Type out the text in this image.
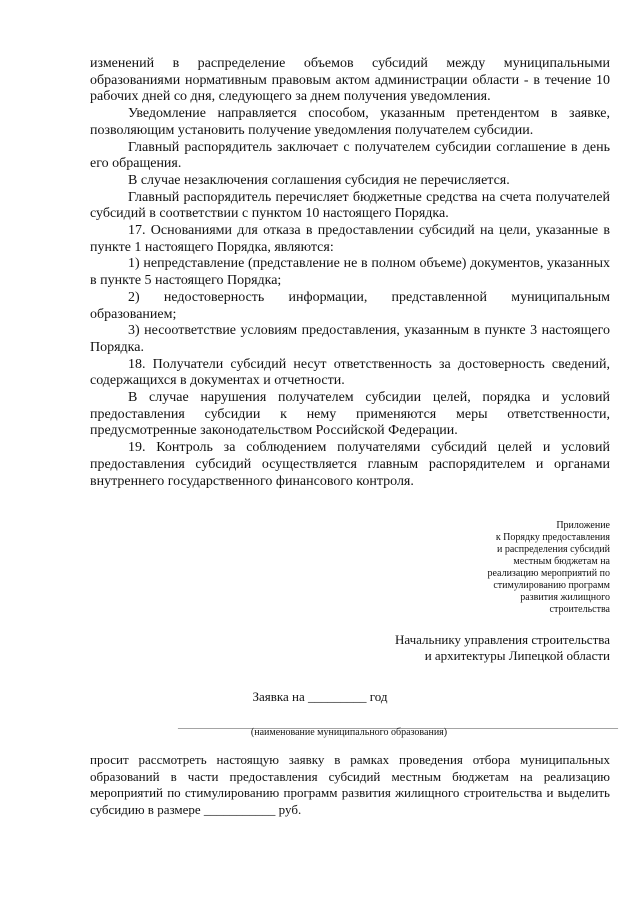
изменений в распределение объемов субсидий между муниципальными образованиями нормативным правовым актом администрации области - в течение 10 рабочих дней со дня, следующего за днем получения уведомления.

Уведомление направляется способом, указанным претендентом в заявке, позволяющим установить получение уведомления получателем субсидии.

Главный распорядитель заключает с получателем субсидии соглашение в день его обращения.

В случае незаключения соглашения субсидия не перечисляется.

Главный распорядитель перечисляет бюджетные средства на счета получателей субсидий в соответствии с пунктом 10 настоящего Порядка.

17. Основаниями для отказа в предоставлении субсидий на цели, указанные в пункте 1 настоящего Порядка, являются:

1) непредставление (представление не в полном объеме) документов, указанных в пункте 5 настоящего Порядка;

2) недостоверность информации, представленной муниципальным образованием;

3) несоответствие условиям предоставления, указанным в пункте 3 настоящего Порядка.

18. Получатели субсидий несут ответственность за достоверность сведений, содержащихся в документах и отчетности.

В случае нарушения получателем субсидии целей, порядка и условий предоставления субсидии к нему применяются меры ответственности, предусмотренные законодательством Российской Федерации.

19. Контроль за соблюдением получателями субсидий целей и условий предоставления субсидий осуществляется главным распорядителем и органами внутреннего государственного финансового контроля.

Приложение
к Порядку предоставления
и распределения субсидий
местным бюджетам на
реализацию мероприятий по
стимулированию программ
развития жилищного
строительства
Начальнику управления строительства
и архитектуры Липецкой области
Заявка на _________ год
________________________________________________________________________________________
(наименование муниципального образования)

просит рассмотреть настоящую заявку в рамках проведения отбора муниципальных образований в части предоставления субсидий местным бюджетам на реализацию мероприятий по стимулированию программ развития жилищного строительства и выделить субсидию в размере ___________ руб.
